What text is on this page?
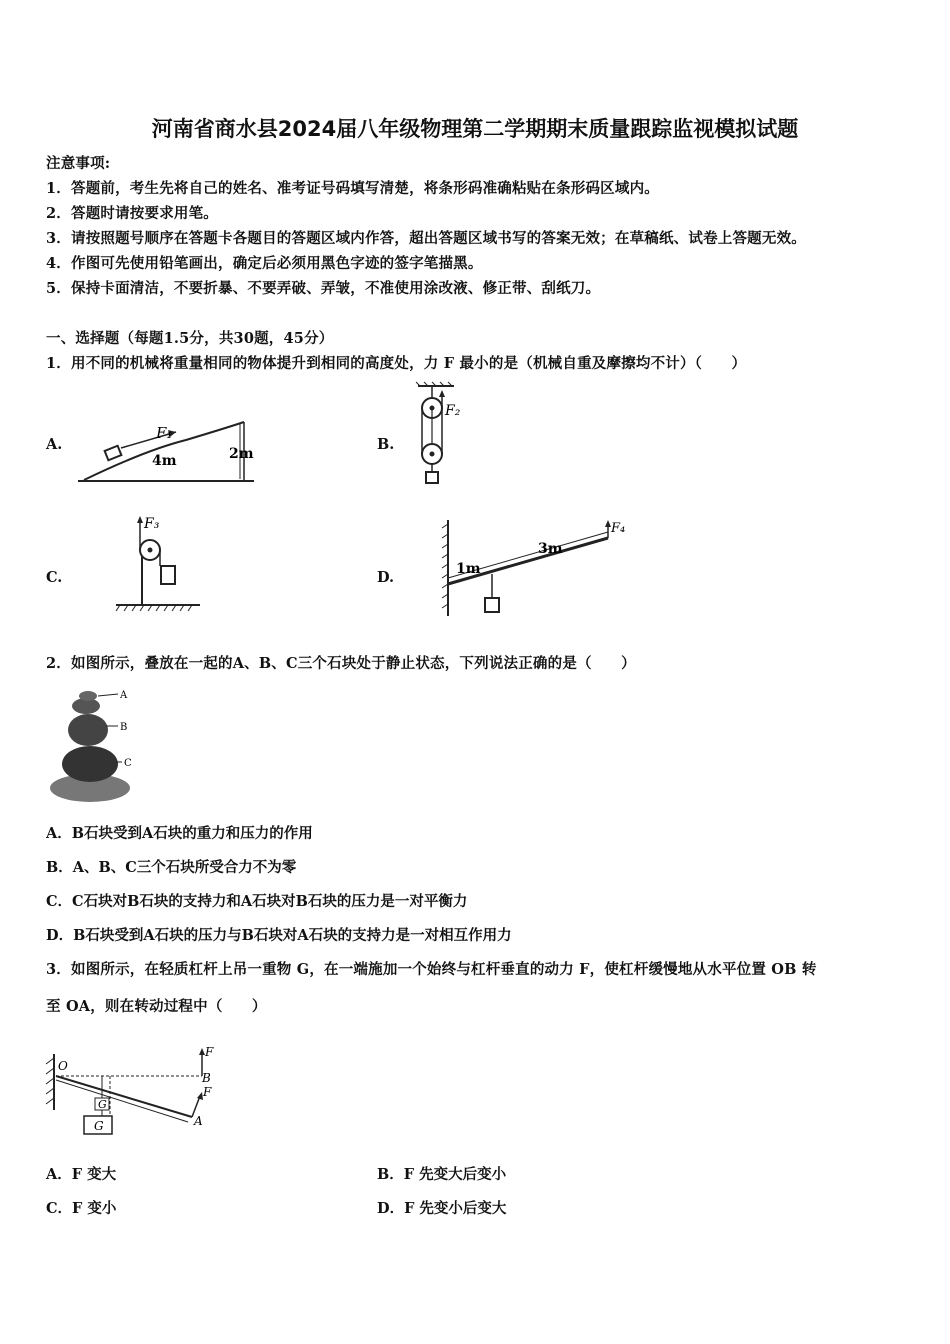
河南省商水县2024届八年级物理第二学期期末质量跟踪监视模拟试题
注意事项:
1．答题前，考生先将自己的姓名、准考证号码填写清楚，将条形码准确粘贴在条形码区域内。
2．答题时请按要求用笔。
3．请按照题号顺序在答题卡各题目的答题区域内作答，超出答题区域书写的答案无效；在草稿纸、试卷上答题无效。
4．作图可先使用铅笔画出，确定后必须用黑色字迹的签字笔描黑。
5．保持卡面清洁，不要折暴、不要弄破、弄皱，不准使用涂改液、修正带、刮纸刀。
一、选择题（每题1.5分，共30题，45分）
1．用不同的机械将重量相同的物体提升到相同的高度处，力 F 最小的是（机械自重及摩擦均不计）（　　）
A.	B.
C.	D.
F₁
4m	2m
F₂
F₃	F₄
1m
3m
2．如图所示，叠放在一起的A、B、C三个石块处于静止状态，下列说法正确的是（　　）
A
B
C
A．B石块受到A石块的重力和压力的作用
B．A、B、C三个石块所受合力不为零
C．C石块对B石块的支持力和A石块对B石块的压力是一对平衡力
D．B石块受到A石块的压力与B石块对A石块的支持力是一对相互作用力
3．如图所示，在轻质杠杆上吊一重物 G，在一端施加一个始终与杠杆垂直的动力 F，使杠杆缓慢地从水平位置 OB 转
至 OA，则在转动过程中（　　）
O
F
B
F
A
G
G
A．F 变大	B．F 先变大后变小
C．F 变小	D．F 先变小后变大
